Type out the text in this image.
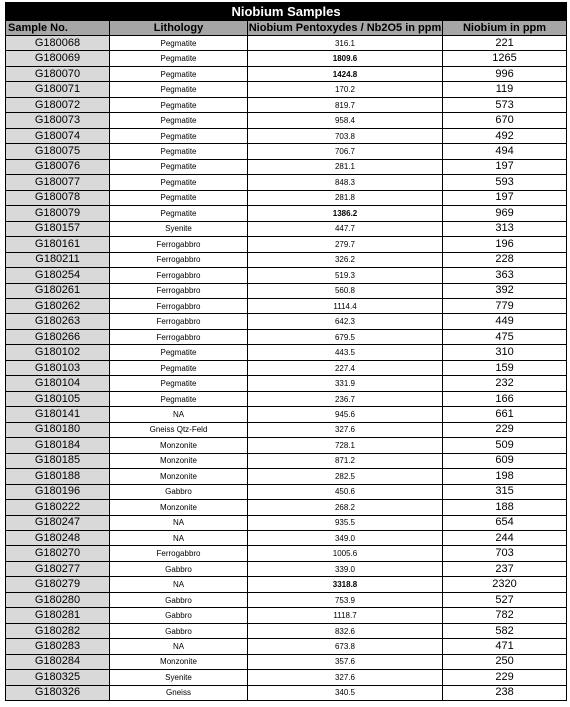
Niobium Samples			
Sample No.	Lithology	Niobium Pentoxydes / Nb2O5 in ppm	Niobium in ppm
G180068	Pegmatite	316.1	221
G180069	Pegmatite	1809.6	1265
G180070	Pegmatite	1424.8	996
G180071	Pegmatite	170.2	119
G180072	Pegmatite	819.7	573
G180073	Pegmatite	958.4	670
G180074	Pegmatite	703.8	492
G180075	Pegmatite	706.7	494
G180076	Pegmatite	281.1	197
G180077	Pegmatite	848.3	593
G180078	Pegmatite	281.8	197
G180079	Pegmatite	1386.2	969
G180157	Syenite	447.7	313
G180161	Ferrogabbro	279.7	196
G180211	Ferrogabbro	326.2	228
G180254	Ferrogabbro	519.3	363
G180261	Ferrogabbro	560.8	392
G180262	Ferrogabbro	1114.4	779
G180263	Ferrogabbro	642.3	449
G180266	Ferrogabbro	679.5	475
G180102	Pegmatite	443.5	310
G180103	Pegmatite	227.4	159
G180104	Pegmatite	331.9	232
G180105	Pegmatite	236.7	166
G180141	NA	945.6	661
G180180	Gneiss Qtz-Feld	327.6	229
G180184	Monzonite	728.1	509
G180185	Monzonite	871.2	609
G180188	Monzonite	282.5	198
G180196	Gabbro	450.6	315
G180222	Monzonite	268.2	188
G180247	NA	935.5	654
G180248	NA	349.0	244
G180270	Ferrogabbro	1005.6	703
G180277	Gabbro	339.0	237
G180279	NA	3318.8	2320
G180280	Gabbro	753.9	527
G180281	Gabbro	1118.7	782
G180282	Gabbro	832.6	582
G180283	NA	673.8	471
G180284	Monzonite	357.6	250
G180325	Syenite	327.6	229
G180326	Gneiss	340.5	238
